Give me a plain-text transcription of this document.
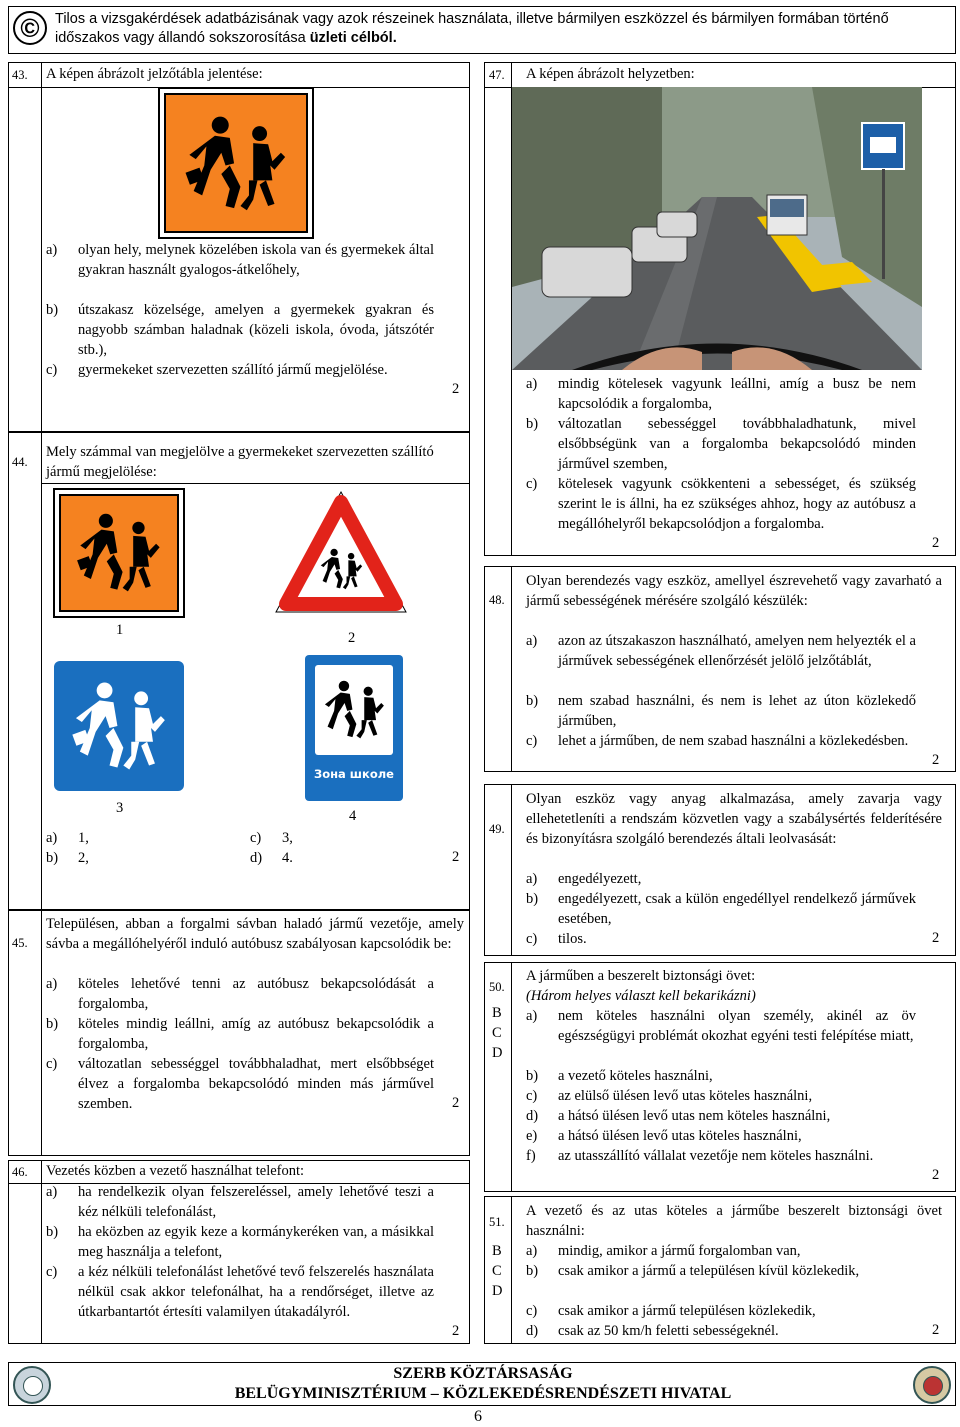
©	Tilos a vizsgakérdések adatbázisának vagy azok részeinek használata, illetve bármilyen eszközzel és bármilyen formában történő
időszakos vagy állandó sokszorosítása üzleti célból.
43. A képen ábrázolt jelzőtábla jelentése:
a) olyan hely, melynek közelében iskola van és gyermekek által gyakran használt gyalogos-átkelőhely,
b) útszakasz közelsége, amelyen a gyermekek gyakran és nagyobb számban haladnak (közeli iskola, óvoda, játszótér stb.),
c) gyermekeket szervezetten szállító jármű megjelölése.
2
44.
Mely számmal van megjelölve a gyermekeket szervezetten szállító jármű megjelölése:
1	2
3
Зона школе
4
a) 1,
b) 2,
c) 3,
d) 4.	2
45.
Településen, abban a forgalmi sávban haladó jármű vezetője, amely sávba a megállóhelyéről induló autóbusz szabályosan kapcsolódik be:
a) köteles lehetővé tenni az autóbusz bekapcsolódását a forgalomba,
b) köteles mindig leállni, amíg az autóbusz bekapcsolódik a forgalomba,
c) változatlan sebességgel továbbhaladhat, mert elsőbbséget élvez a forgalomba bekapcsolódó minden más járművel szemben.	2
46. Vezetés közben a vezető használhat telefont:
a) ha rendelkezik olyan felszereléssel, amely lehetővé teszi a kéz nélküli telefonálást,
b) ha eközben az egyik keze a kormánykeréken van, a másikkal meg használja a telefont,
c) a kéz nélküli telefonálást lehetővé tevő felszerelés használata nélkül csak akkor telefonálhat, ha a rendőrséget, illetve az útkarbantartót értesíti valamilyen útakadályról.
2
47. A képen ábrázolt helyzetben:
a) mindig kötelesek vagyunk leállni, amíg a busz be nem kapcsolódik a forgalomba,
b) változatlan sebességgel továbbhaladhatunk, mivel elsőbbségünk van a forgalomba bekapcsolódó minden járművel szemben,
c) kötelesek vagyunk csökkenteni a sebességet, és szükség szerint le is állni, ha ez szükséges ahhoz, hogy az autóbusz a megállóhelyről bekapcsolódjon a forgalomba.
2
48.
Olyan berendezés vagy eszköz, amellyel észrevehető vagy zavarható a jármű sebességének mérésére szolgáló készülék:
a) azon az útszakaszon használható, amelyen nem helyezték el a járművek sebességének ellenőrzését jelölő jelzőtáblát,
b) nem szabad használni, és nem is lehet az úton közlekedő járműben,
c) lehet a járműben, de nem szabad használni a közlekedésben.
2
49.
Olyan eszköz vagy anyag alkalmazása, amely zavarja vagy ellehetetleníti a rendszám közvetlen vagy a szabálysértés felderítésére és bizonyításra szolgáló berendezés általi leolvasását:
a) engedélyezett,
b) engedélyezett, csak a külön engedéllyel rendelkező járművek esetében,
c) tilos.	2
50.
B
C
D
A járműben a beszerelt biztonsági övet:
(Három helyes választ kell bekarikázni)
a) nem köteles használni olyan személy, akinél az öv egészségügyi problémát okozhat egyéni testi felépítése miatt,
b) a vezető köteles használni,
c) az elülső ülésen levő utas köteles használni,
d) a hátsó ülésen levő utas nem köteles használni,
e) a hátsó ülésen levő utas köteles használni,
f) az utasszállító vállalat vezetője nem köteles használni.
2
51.
B
C
D
A vezető és az utas köteles a járműbe beszerelt biztonsági övet használni:
a) mindig, amikor a jármű forgalomban van,
b) csak amikor a jármű a településen kívül közlekedik,
c) csak amikor a jármű településen közlekedik,
d) csak az 50 km/h feletti sebességeknél.	2
SZERB KÖZTÁRSASÁG
BELÜGYMINISZTÉRIUM – KÖZLEKEDÉSRENDÉSZETI HIVATAL
6
